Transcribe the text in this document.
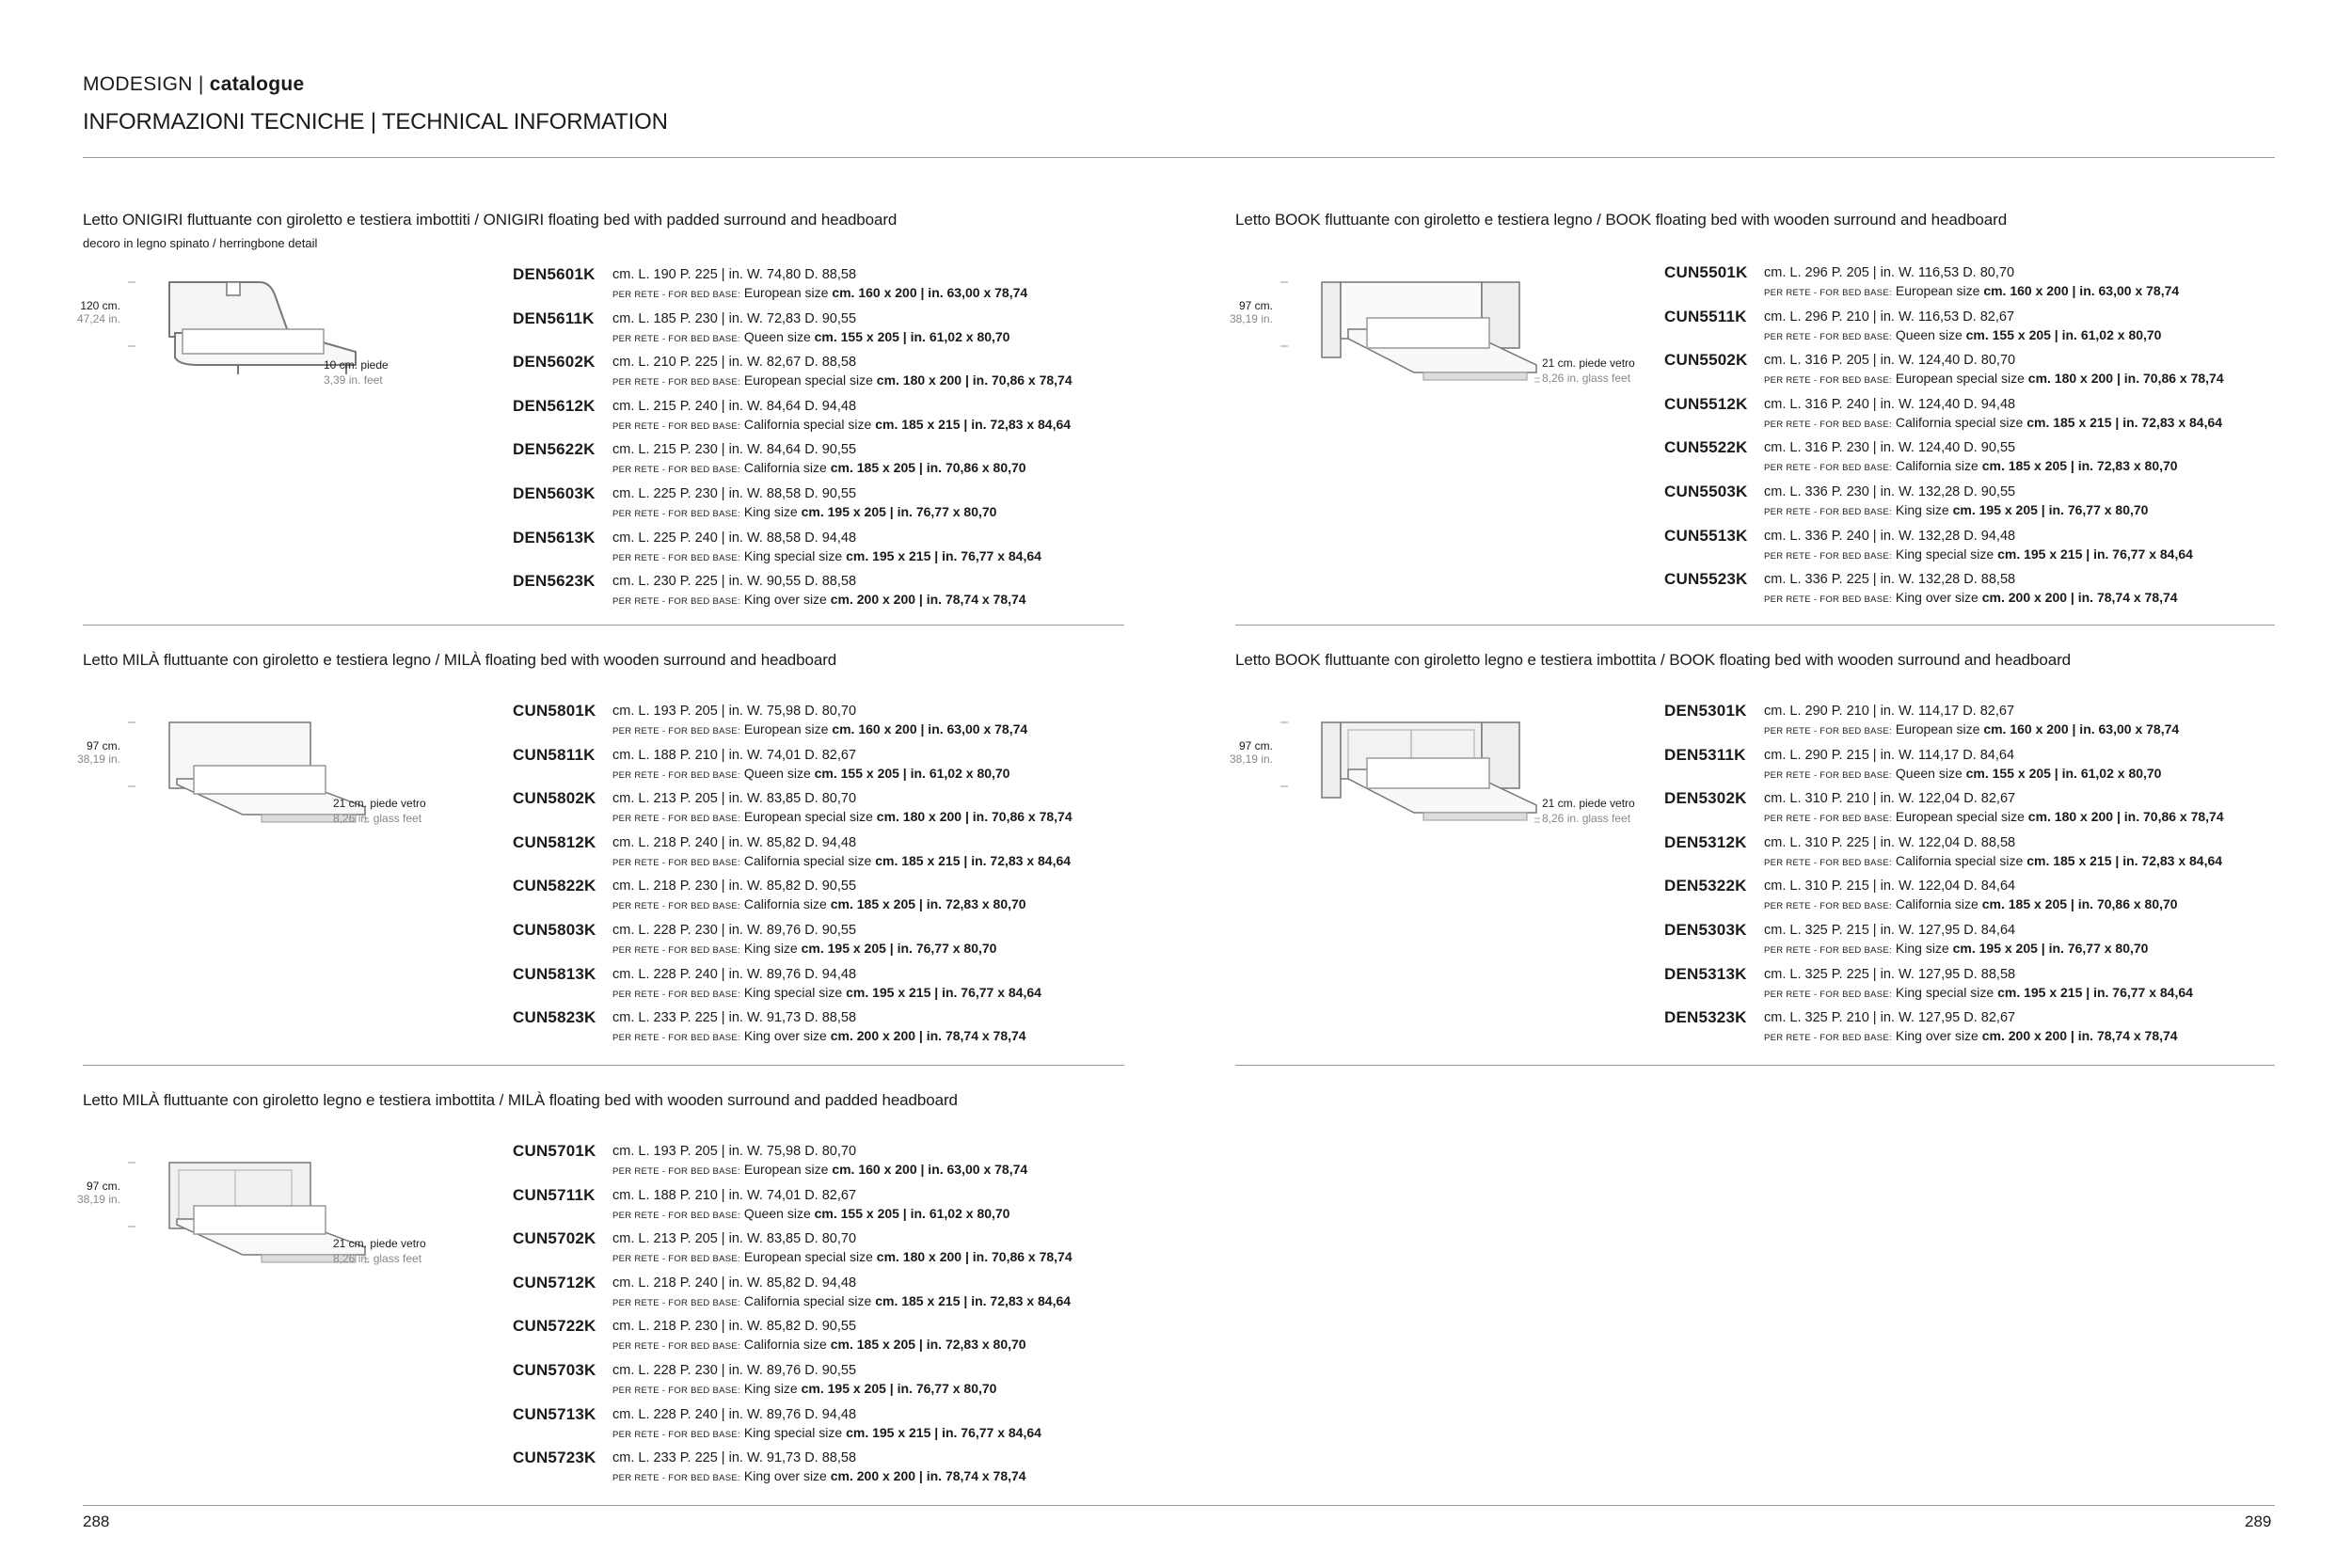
MODESIGN | catalogue
INFORMAZIONI TECNICHE | TECHNICAL INFORMATION
Letto ONIGIRI fluttuante con giroletto e testiera imbottiti / ONIGIRI floating bed with padded surround and headboard
decoro in legno spinato / herringbone detail
120 cm.
47,24 in.
10 cm. piede
3,39 in. feet
DEN5601K cm. L. 190 P. 225 | in. W. 74,80 D. 88,58
PER RETE - FOR BED BASE: European size cm. 160 x 200 | in. 63,00 x 78,74
DEN5611K cm. L. 185 P. 230 | in. W. 72,83 D. 90,55
PER RETE - FOR BED BASE: Queen size cm. 155 x 205 | in. 61,02 x 80,70
DEN5602K cm. L. 210 P. 225 | in. W. 82,67 D. 88,58
PER RETE - FOR BED BASE: European special size cm. 180 x 200 | in. 70,86 x 78,74
DEN5612K cm. L. 215 P. 240 | in. W. 84,64 D. 94,48
PER RETE - FOR BED BASE: California special size cm. 185 x 215 | in. 72,83 x 84,64
DEN5622K cm. L. 215 P. 230 | in. W. 84,64 D. 90,55
PER RETE - FOR BED BASE: California size cm. 185 x 205 | in. 70,86 x 80,70
DEN5603K cm. L. 225 P. 230 | in. W. 88,58 D. 90,55
PER RETE - FOR BED BASE: King size cm. 195 x 205 | in. 76,77 x 80,70
DEN5613K cm. L. 225 P. 240 | in. W. 88,58 D. 94,48
PER RETE - FOR BED BASE: King special size cm. 195 x 215 | in. 76,77 x 84,64
DEN5623K cm. L. 230 P. 225 | in. W. 90,55 D. 88,58
PER RETE - FOR BED BASE: King over size cm. 200 x 200 | in. 78,74 x 78,74
Letto BOOK fluttuante con giroletto e testiera legno / BOOK floating bed with wooden surround and headboard
97 cm.
38,19 in.
21 cm. piede vetro
8,26 in. glass feet
CUN5501K cm. L. 296 P. 205 | in. W. 116,53 D. 80,70
PER RETE - FOR BED BASE: European size cm. 160 x 200 | in. 63,00 x 78,74
CUN5511K cm. L. 296 P. 210 | in. W. 116,53 D. 82,67
PER RETE - FOR BED BASE: Queen size cm. 155 x 205 | in. 61,02 x 80,70
CUN5502K cm. L. 316 P. 205 | in. W. 124,40 D. 80,70
PER RETE - FOR BED BASE: European special size cm. 180 x 200 | in. 70,86 x 78,74
CUN5512K cm. L. 316 P. 240 | in. W. 124,40 D. 94,48
PER RETE - FOR BED BASE: California special size cm. 185 x 215 | in. 72,83 x 84,64
CUN5522K cm. L. 316 P. 230 | in. W. 124,40 D. 90,55
PER RETE - FOR BED BASE: California size cm. 185 x 205 | in. 72,83 x 80,70
CUN5503K cm. L. 336 P. 230 | in. W. 132,28 D. 90,55
PER RETE - FOR BED BASE: King size cm. 195 x 205 | in. 76,77 x 80,70
CUN5513K cm. L. 336 P. 240 | in. W. 132,28 D. 94,48
PER RETE - FOR BED BASE: King special size cm. 195 x 215 | in. 76,77 x 84,64
CUN5523K cm. L. 336 P. 225 | in. W. 132,28 D. 88,58
PER RETE - FOR BED BASE: King over size cm. 200 x 200 | in. 78,74 x 78,74
Letto MILÀ fluttuante con giroletto e testiera legno / MILÀ floating bed with wooden surround and headboard
97 cm.
38,19 in.
21 cm. piede vetro
8,26 in. glass feet
CUN5801K cm. L. 193 P. 205 | in. W. 75,98 D. 80,70
PER RETE - FOR BED BASE: European size cm. 160 x 200 | in. 63,00 x 78,74
CUN5811K cm. L. 188 P. 210 | in. W. 74,01 D. 82,67
PER RETE - FOR BED BASE: Queen size cm. 155 x 205 | in. 61,02 x 80,70
CUN5802K cm. L. 213 P. 205 | in. W. 83,85 D. 80,70
PER RETE - FOR BED BASE: European special size cm. 180 x 200 | in. 70,86 x 78,74
CUN5812K cm. L. 218 P. 240 | in. W. 85,82 D. 94,48
PER RETE - FOR BED BASE: California special size cm. 185 x 215 | in. 72,83 x 84,64
CUN5822K cm. L. 218 P. 230 | in. W. 85,82 D. 90,55
PER RETE - FOR BED BASE: California size cm. 185 x 205 | in. 72,83 x 80,70
CUN5803K cm. L. 228 P. 230 | in. W. 89,76 D. 90,55
PER RETE - FOR BED BASE: King size cm. 195 x 205 | in. 76,77 x 80,70
CUN5813K cm. L. 228 P. 240 | in. W. 89,76 D. 94,48
PER RETE - FOR BED BASE: King special size cm. 195 x 215 | in. 76,77 x 84,64
CUN5823K cm. L. 233 P. 225 | in. W. 91,73 D. 88,58
PER RETE - FOR BED BASE: King over size cm. 200 x 200 | in. 78,74 x 78,74
Letto BOOK fluttuante con giroletto legno e testiera imbottita / BOOK floating bed with wooden surround and headboard
97 cm.
38,19 in.
21 cm. piede vetro
8,26 in. glass feet
DEN5301K cm. L. 290 P. 210 | in. W. 114,17 D. 82,67
PER RETE - FOR BED BASE: European size cm. 160 x 200 | in. 63,00 x 78,74
DEN5311K cm. L. 290 P. 215 | in. W. 114,17 D. 84,64
PER RETE - FOR BED BASE: Queen size cm. 155 x 205 | in. 61,02 x 80,70
DEN5302K cm. L. 310 P. 210 | in. W. 122,04 D. 82,67
PER RETE - FOR BED BASE: European special size cm. 180 x 200 | in. 70,86 x 78,74
DEN5312K cm. L. 310 P. 225 | in. W. 122,04 D. 88,58
PER RETE - FOR BED BASE: California special size cm. 185 x 215 | in. 72,83 x 84,64
DEN5322K cm. L. 310 P. 215 | in. W. 122,04 D. 84,64
PER RETE - FOR BED BASE: California size cm. 185 x 205 | in. 70,86 x 80,70
DEN5303K cm. L. 325 P. 215 | in. W. 127,95 D. 84,64
PER RETE - FOR BED BASE: King size cm. 195 x 205 | in. 76,77 x 80,70
DEN5313K cm. L. 325 P. 225 | in. W. 127,95 D. 88,58
PER RETE - FOR BED BASE: King special size cm. 195 x 215 | in. 76,77 x 84,64
DEN5323K cm. L. 325 P. 210 | in. W. 127,95 D. 82,67
PER RETE - FOR BED BASE: King over size cm. 200 x 200 | in. 78,74 x 78,74
Letto MILÀ fluttuante con giroletto legno e testiera imbottita / MILÀ floating bed with wooden surround and padded headboard
97 cm.
38,19 in.
21 cm. piede vetro
8,26 in. glass feet
CUN5701K cm. L. 193 P. 205 | in. W. 75,98 D. 80,70
PER RETE - FOR BED BASE: European size cm. 160 x 200 | in. 63,00 x 78,74
CUN5711K cm. L. 188 P. 210 | in. W. 74,01 D. 82,67
PER RETE - FOR BED BASE: Queen size cm. 155 x 205 | in. 61,02 x 80,70
CUN5702K cm. L. 213 P. 205 | in. W. 83,85 D. 80,70
PER RETE - FOR BED BASE: European special size cm. 180 x 200 | in. 70,86 x 78,74
CUN5712K cm. L. 218 P. 240 | in. W. 85,82 D. 94,48
PER RETE - FOR BED BASE: California special size cm. 185 x 215 | in. 72,83 x 84,64
CUN5722K cm. L. 218 P. 230 | in. W. 85,82 D. 90,55
PER RETE - FOR BED BASE: California size cm. 185 x 205 | in. 72,83 x 80,70
CUN5703K cm. L. 228 P. 230 | in. W. 89,76 D. 90,55
PER RETE - FOR BED BASE: King size cm. 195 x 205 | in. 76,77 x 80,70
CUN5713K cm. L. 228 P. 240 | in. W. 89,76 D. 94,48
PER RETE - FOR BED BASE: King special size cm. 195 x 215 | in. 76,77 x 84,64
CUN5723K cm. L. 233 P. 225 | in. W. 91,73 D. 88,58
PER RETE - FOR BED BASE: King over size cm. 200 x 200 | in. 78,74 x 78,74
288	289
